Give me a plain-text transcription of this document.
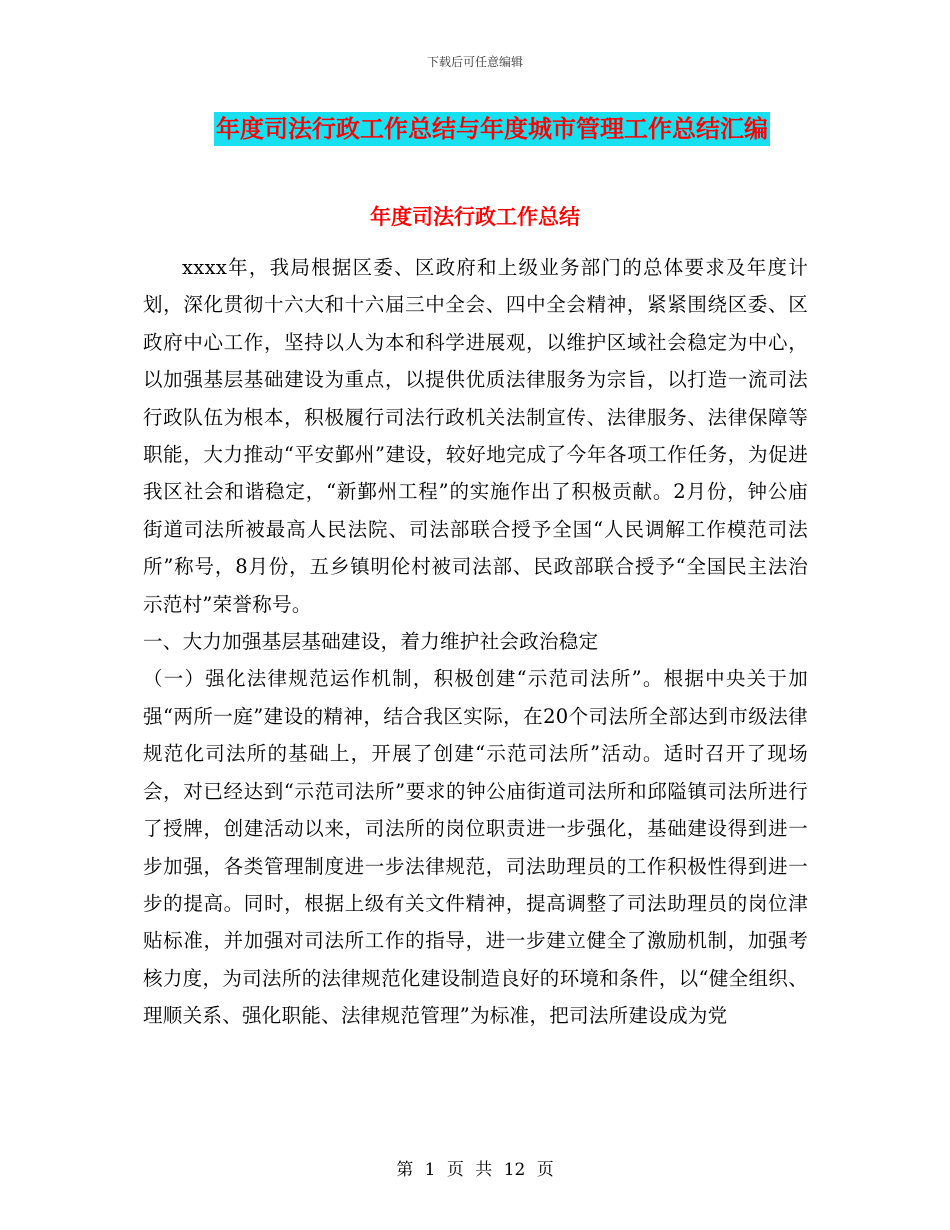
下载后可任意编辑
年度司法行政工作总结与年度城市管理工作总结汇编
年度司法行政工作总结

xxxx年，我局根据区委、区政府和上级业务部门的总体要求及年度计划，深化贯彻十六大和十六届三中全会、四中全会精神，紧紧围绕区委、区政府中心工作，坚持以人为本和科学进展观，以维护区域社会稳定为中心，以加强基层基础建设为重点，以提供优质法律服务为宗旨，以打造一流司法行政队伍为根本，积极履行司法行政机关法制宣传、法律服务、法律保障等职能，大力推动“平安鄞州”建设，较好地完成了今年各项工作任务，为促进我区社会和谐稳定，“新鄞州工程”的实施作出了积极贡献。2月份，钟公庙街道司法所被最高人民法院、司法部联合授予全国“人民调解工作模范司法所”称号，8月份，五乡镇明伦村被司法部、民政部联合授予“全国民主法治示范村”荣誉称号。

一、大力加强基层基础建设，着力维护社会政治稳定

（一）强化法律规范运作机制，积极创建“示范司法所”。根据中央关于加强“两所一庭”建设的精神，结合我区实际，在20个司法所全部达到市级法律规范化司法所的基础上，开展了创建“示范司法所”活动。适时召开了现场会，对已经达到“示范司法所”要求的钟公庙街道司法所和邱隘镇司法所进行了授牌，创建活动以来，司法所的岗位职责进一步强化，基础建设得到进一步加强，各类管理制度进一步法律规范，司法助理员的工作积极性得到进一步的提高。同时，根据上级有关文件精神，提高调整了司法助理员的岗位津贴标准，并加强对司法所工作的指导，进一步建立健全了激励机制，加强考核力度，为司法所的法律规范化建设制造良好的环境和条件，以“健全组织、理顺关系、强化职能、法律规范管理”为标准，把司法所建设成为党

第 1 页 共 12 页
